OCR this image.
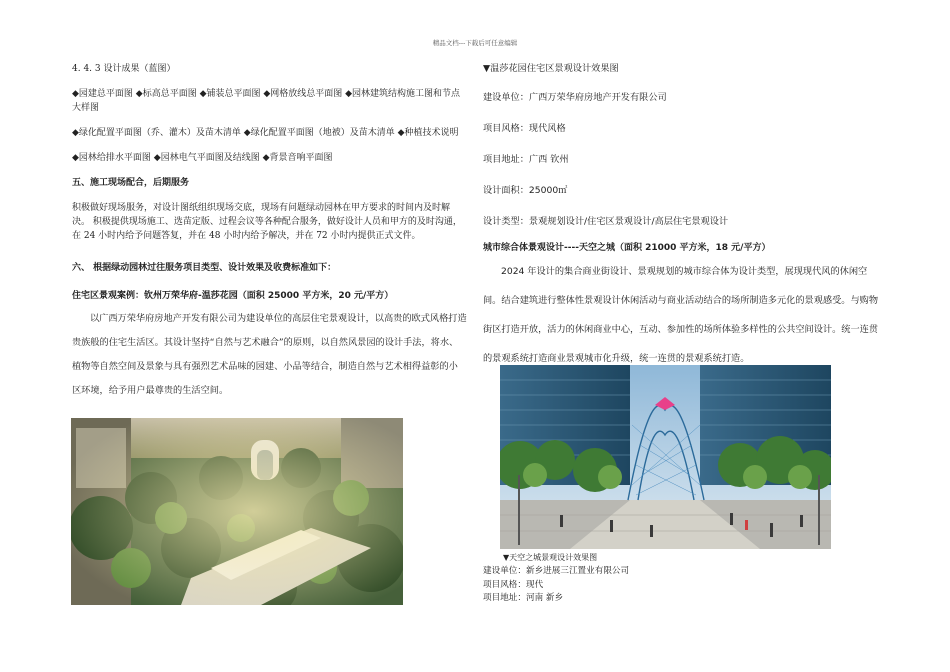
精品文档---下载后可任意编辑

4. 4. 3 设计成果（蓝图）

◆园建总平面图 ◆标高总平面图 ◆铺装总平面图 ◆网格放线总平面图 ◆园林建筑结构施工图和节点大样图

◆绿化配置平面图（乔、灌木）及苗木清单 ◆绿化配置平面图（地被）及苗木清单 ◆种植技术说明

◆园林给排水平面图 ◆园林电气平面图及结线图 ◆背景音响平面图

五、施工现场配合，后期服务

积极做好现场服务，对设计图纸组织现场交底，现场有问题绿动园林在甲方要求的时间内及时解决。 积极提供现场施工、选苗定版、过程会议等各种配合服务，做好设计人员和甲方的及时沟通，在 24 小时内给予问题答复，并在 48 小时内给予解决，并在 72 小时内提供正式文件。

六、 根据绿动园林过往服务项目类型、设计效果及收费标准如下：

住宅区景观案例：钦州万荣华府-温莎花园（面积 25000 平方米，20 元/平方）

以广西万荣华府房地产开发有限公司为建设单位的高层住宅景观设计，以高贵的欧式风格打造贵族般的住宅生活区。其设计坚持“自然与艺术融合”的原则，以自然风景园的设计手法，将水、植物等自然空间及景象与具有强烈艺术品味的园建、小品等结合，制造自然与艺术相得益彰的小区环境，给予用户最尊贵的生活空间。

▼温莎花园住宅区景观设计效果图

建设单位：广西万荣华府房地产开发有限公司

项目风格：现代风格

项目地址：广西 钦州

设计面积：25000㎡

设计类型：景观规划设计/住宅区景观设计/高层住宅景观设计

城市综合体景观设计----天空之城（面积 21000 平方米，18 元/平方）

2024 年设计的集合商业街设计、景观规划的城市综合体为设计类型，展现现代风的休闲空间。结合建筑进行整体性景观设计休闲活动与商业活动结合的场所制造多元化的景观感受。与购物街区打造开放，活力的休闲商业中心，互动、参加性的场所体验多样性的公共空间设计。统一连贯的景观系统打造商业景观城市化升级，统一连贯的景观系统打造。

▼天空之城景观设计效果图

建设单位：新乡进展三江置业有限公司

项目风格：现代

项目地址：河南 新乡
